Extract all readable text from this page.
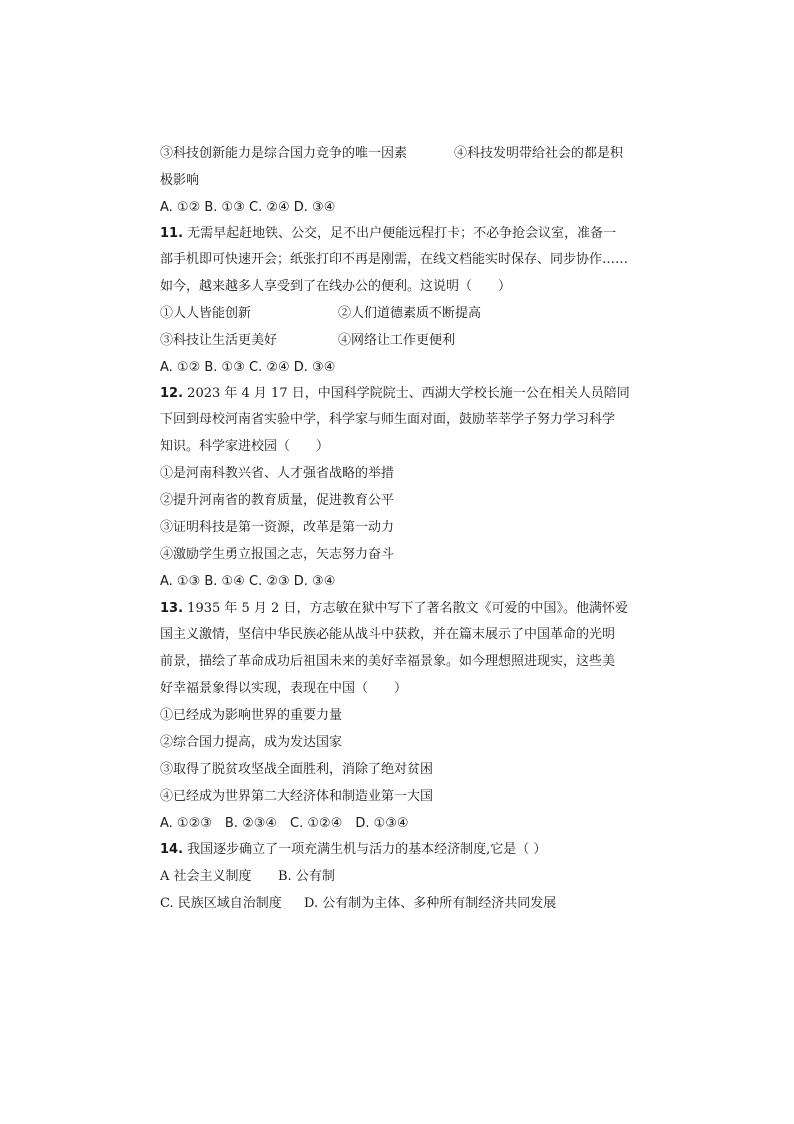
③科技创新能力是综合国力竞争的唯一因素	④科技发明带给社会的都是积
极影响
A. ①② B. ①③ C. ②④ D. ③④
11. 无需早起赶地铁、公交，足不出户便能远程打卡；不必争抢会议室，准备一
部手机即可快速开会；纸张打印不再是刚需，在线文档能实时保存、同步协作……
如今，越来越多人享受到了在线办公的便利。这说明（　　）
①人人皆能创新	②人们道德素质不断提高
③科技让生活更美好	④网络让工作更便利
A. ①② B. ①③ C. ②④ D. ③④
12. 2023 年 4 月 17 日，中国科学院院士、西湖大学校长施一公在相关人员陪同
下回到母校河南省实验中学，科学家与师生面对面，鼓励莘莘学子努力学习科学
知识。科学家进校园（　　）
①是河南科教兴省、人才强省战略的举措
②提升河南省的教育质量，促进教育公平
③证明科技是第一资源，改革是第一动力
④激励学生勇立报国之志，矢志努力奋斗
A. ①③ B. ①④ C. ②③ D. ③④
13. 1935 年 5 月 2 日，方志敏在狱中写下了著名散文《可爱的中国》。他满怀爱
国主义激情，坚信中华民族必能从战斗中获救，并在篇末展示了中国革命的光明
前景，描绘了革命成功后祖国未来的美好幸福景象。如今理想照进现实，这些美
好幸福景象得以实现，表现在中国（　　）
①已经成为影响世界的重要力量
②综合国力提高，成为发达国家
③取得了脱贫攻坚战全面胜利，消除了绝对贫困
④已经成为世界第二大经济体和制造业第一大国
A. ①②③　B. ②③④　C. ①②④　D. ①③④
14. 我国逐步确立了一项充满生机与活力的基本经济制度,它是（ ）
A 社会主义制度 B. 公有制
C. 民族区域自治制度 D. 公有制为主体、多种所有制经济共同发展
